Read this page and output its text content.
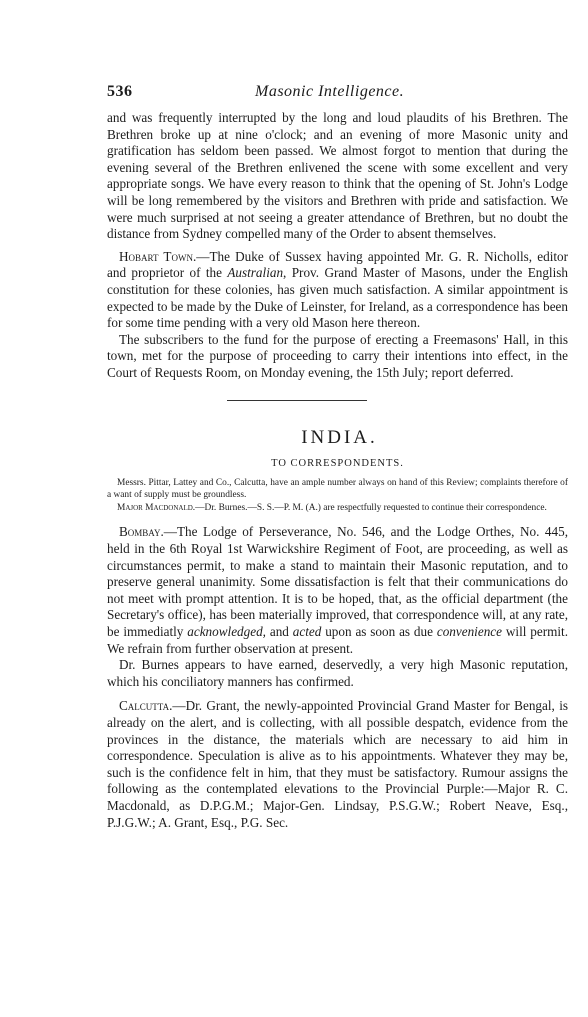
536	Masonic Intelligence.

and was frequently interrupted by the long and loud plaudits of his Brethren. The Brethren broke up at nine o'clock; and an evening of more Masonic unity and gratification has seldom been passed. We almost forgot to mention that during the evening several of the Brethren enlivened the scene with some excellent and very appropriate songs. We have every reason to think that the opening of St. John's Lodge will be long remembered by the visitors and Brethren with pride and satisfaction. We were much surprised at not seeing a greater attendance of Brethren, but no doubt the distance from Sydney compelled many of the Order to absent themselves.

Hobart Town.—The Duke of Sussex having appointed Mr. G. R. Nicholls, editor and proprietor of the Australian, Prov. Grand Master of Masons, under the English constitution for these colonies, has given much satisfaction. A similar appointment is expected to be made by the Duke of Leinster, for Ireland, as a correspondence has been for some time pending with a very old Mason here thereon.

The subscribers to the fund for the purpose of erecting a Freemasons' Hall, in this town, met for the purpose of proceeding to carry their intentions into effect, in the Court of Requests Room, on Monday evening, the 15th July; report deferred.

INDIA.
TO CORRESPONDENTS.

Messrs. Pittar, Lattey and Co., Calcutta, have an ample number always on hand of this Review; complaints therefore of a want of supply must be groundless.

Major Macdonald.—Dr. Burnes.—S. S.—P. M. (A.) are respectfully requested to continue their correspondence.

Bombay.—The Lodge of Perseverance, No. 546, and the Lodge Orthes, No. 445, held in the 6th Royal 1st Warwickshire Regiment of Foot, are proceeding, as well as circumstances permit, to make a stand to maintain their Masonic reputation, and to preserve general unanimity. Some dissatisfaction is felt that their communications do not meet with prompt attention. It is to be hoped, that, as the official department (the Secretary's office), has been materially improved, that correspondence will, at any rate, be immediatly acknowledged, and acted upon as soon as due convenience will permit. We refrain from further observation at present.

Dr. Burnes appears to have earned, deservedly, a very high Masonic reputation, which his conciliatory manners has confirmed.

Calcutta.—Dr. Grant, the newly-appointed Provincial Grand Master for Bengal, is already on the alert, and is collecting, with all possible despatch, evidence from the provinces in the distance, the materials which are necessary to aid him in correspondence. Speculation is alive as to his appointments. Whatever they may be, such is the confidence felt in him, that they must be satisfactory. Rumour assigns the following as the contemplated elevations to the Provincial Purple:—Major R. C. Macdonald, as D.P.G.M.; Major-Gen. Lindsay, P.S.G.W.; Robert Neave, Esq., P.J.G.W.; A. Grant, Esq., P.G. Sec.
